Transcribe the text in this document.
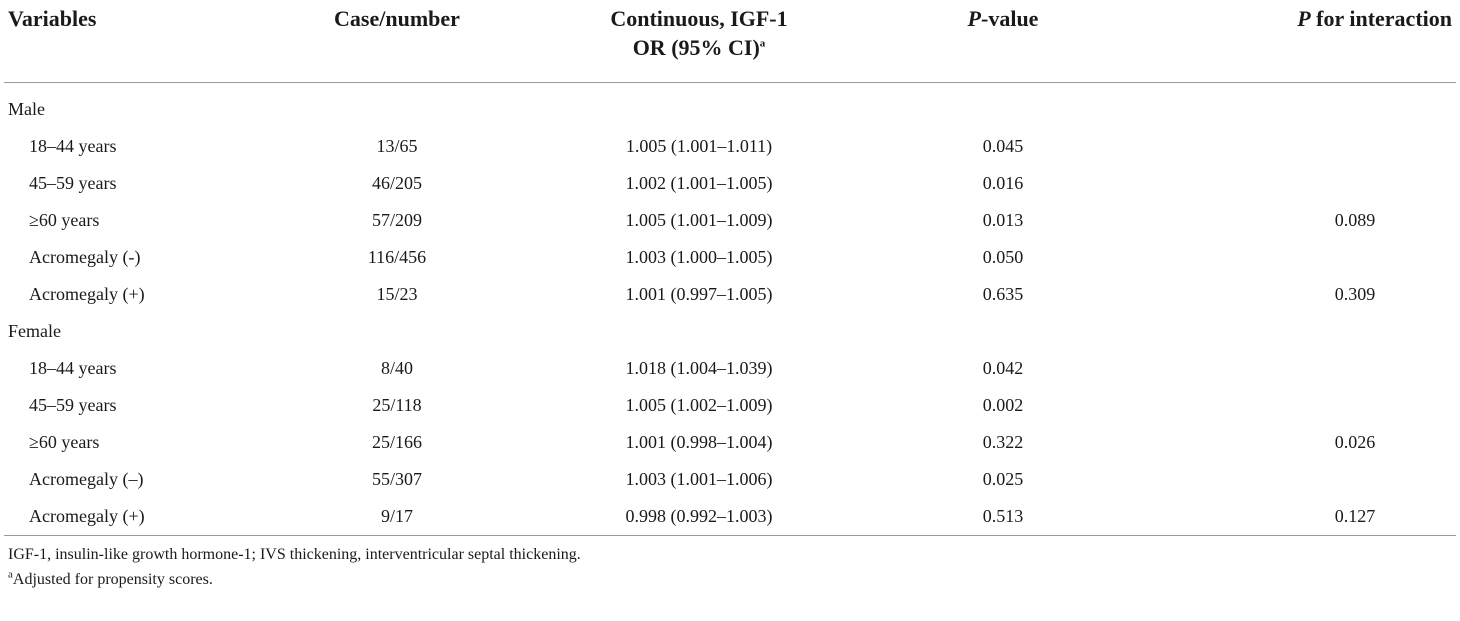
Variables	Case/number	Continuous, IGF-1
OR (95% CI)$^a$	P-value	P for interaction

Male				
18–44 years	13/65	1.005 (1.001–1.011)	0.045	
45–59 years	46/205	1.002 (1.001–1.005)	0.016	
≥60 years	57/209	1.005 (1.001–1.009)	0.013	0.089
Acromegaly (-)	116/456	1.003 (1.000–1.005)	0.050	
Acromegaly (+)	15/23	1.001 (0.997–1.005)	0.635	0.309
Female				
18–44 years	8/40	1.018 (1.004–1.039)	0.042	
45–59 years	25/118	1.005 (1.002–1.009)	0.002	
≥60 years	25/166	1.001 (0.998–1.004)	0.322	0.026
Acromegaly (–)	55/307	1.003 (1.001–1.006)	0.025	
Acromegaly (+)	9/17	0.998 (0.992–1.003)	0.513	0.127
IGF-1, insulin-like growth hormone-1; IVS thickening, interventricular septal thickening.
$^a$Adjusted for propensity scores.
